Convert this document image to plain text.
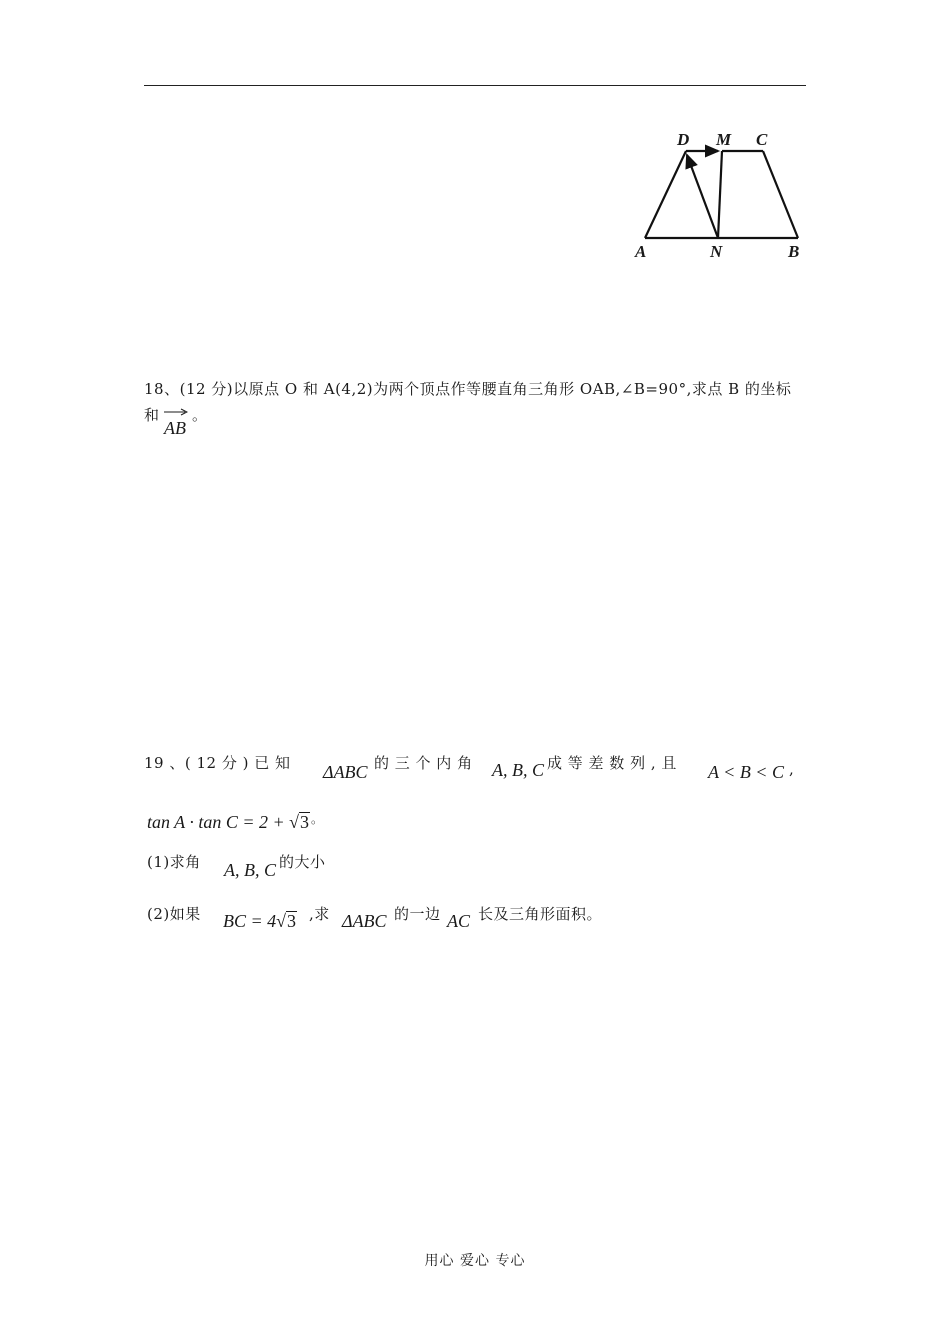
D M C
A	N	B
18、(12 分)以原点 O 和 A(4,2)为两个顶点作等腰直角三角形 OAB,∠B=90°,求点 B 的坐标
和
AB
。
19 、( 12 分 ) 已 知 ΔABC 的 三 个 内 角 A, B, C 成 等 差 数 列 , 且 A < B < C ,
tan A · tan C = 2 + √3 。
(1)求角 A, B, C 的大小
(2)如果 BC = 4√3 ,求 ΔABC 的一边 AC 长及三角形面积。
用心 爱心 专心
